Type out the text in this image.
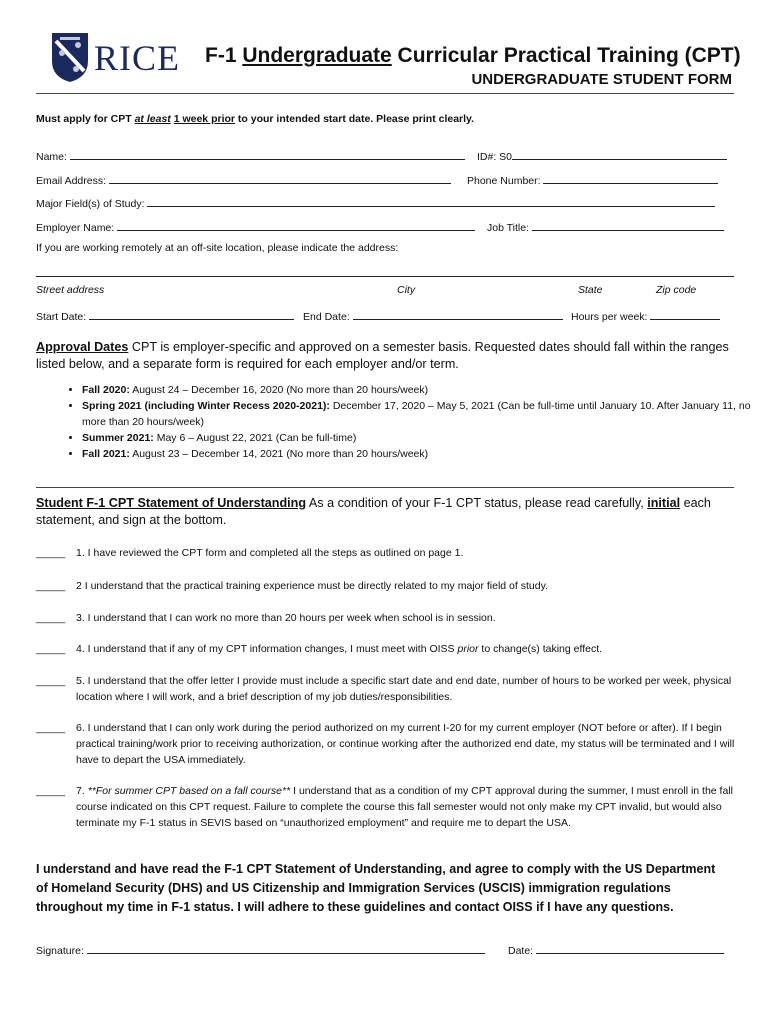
RICE F-1 Undergraduate Curricular Practical Training (CPT)
UNDERGRADUATE STUDENT FORM
Must apply for CPT at least 1 week prior to your intended start date. Please print clearly.
Name:	ID#: S0
Email Address:	Phone Number:
Major Field(s) of Study:
Employer Name:	Job Title:
If you are working remotely at an off-site location, please indicate the address:
Street address	City	State	Zip code
Start Date:	End Date:	Hours per week:
Approval Dates CPT is employer-specific and approved on a semester basis. Requested dates should fall within the ranges listed below, and a separate form is required for each employer and/or term.
• Fall 2020: August 24 – December 16, 2020 (No more than 20 hours/week)
• Spring 2021 (including Winter Recess 2020-2021): December 17, 2020 – May 5, 2021 (Can be full-time until January 10. After January 11, no more than 20 hours/week)
• Summer 2021: May 6 – August 22, 2021 (Can be full-time)
• Fall 2021: August 23 – December 14, 2021 (No more than 20 hours/week)
Student F-1 CPT Statement of Understanding As a condition of your F-1 CPT status, please read carefully, initial each statement, and sign at the bottom.
_____ 1. I have reviewed the CPT form and completed all the steps as outlined on page 1.
_____ 2 I understand that the practical training experience must be directly related to my major field of study.
_____ 3. I understand that I can work no more than 20 hours per week when school is in session.
_____ 4. I understand that if any of my CPT information changes, I must meet with OISS prior to change(s) taking effect.
_____ 5. I understand that the offer letter I provide must include a specific start date and end date, number of hours to be worked per week, physical location where I will work, and a brief description of my job duties/responsibilities.
_____ 6. I understand that I can only work during the period authorized on my current I-20 for my current employer (NOT before or after). If I begin practical training/work prior to receiving authorization, or continue working after the authorized end date, my status will be terminated and I will have to depart the USA immediately.
_____ 7. **For summer CPT based on a fall course** I understand that as a condition of my CPT approval during the summer, I must enroll in the fall course indicated on this CPT request. Failure to complete the course this fall semester would not only make my CPT invalid, but would also terminate my F-1 status in SEVIS based on “unauthorized employment” and require me to depart the USA.
I understand and have read the F-1 CPT Statement of Understanding, and agree to comply with the US Department of Homeland Security (DHS) and US Citizenship and Immigration Services (USCIS) immigration regulations throughout my time in F-1 status. I will adhere to these guidelines and contact OISS if I have any questions.
Signature:	Date:
